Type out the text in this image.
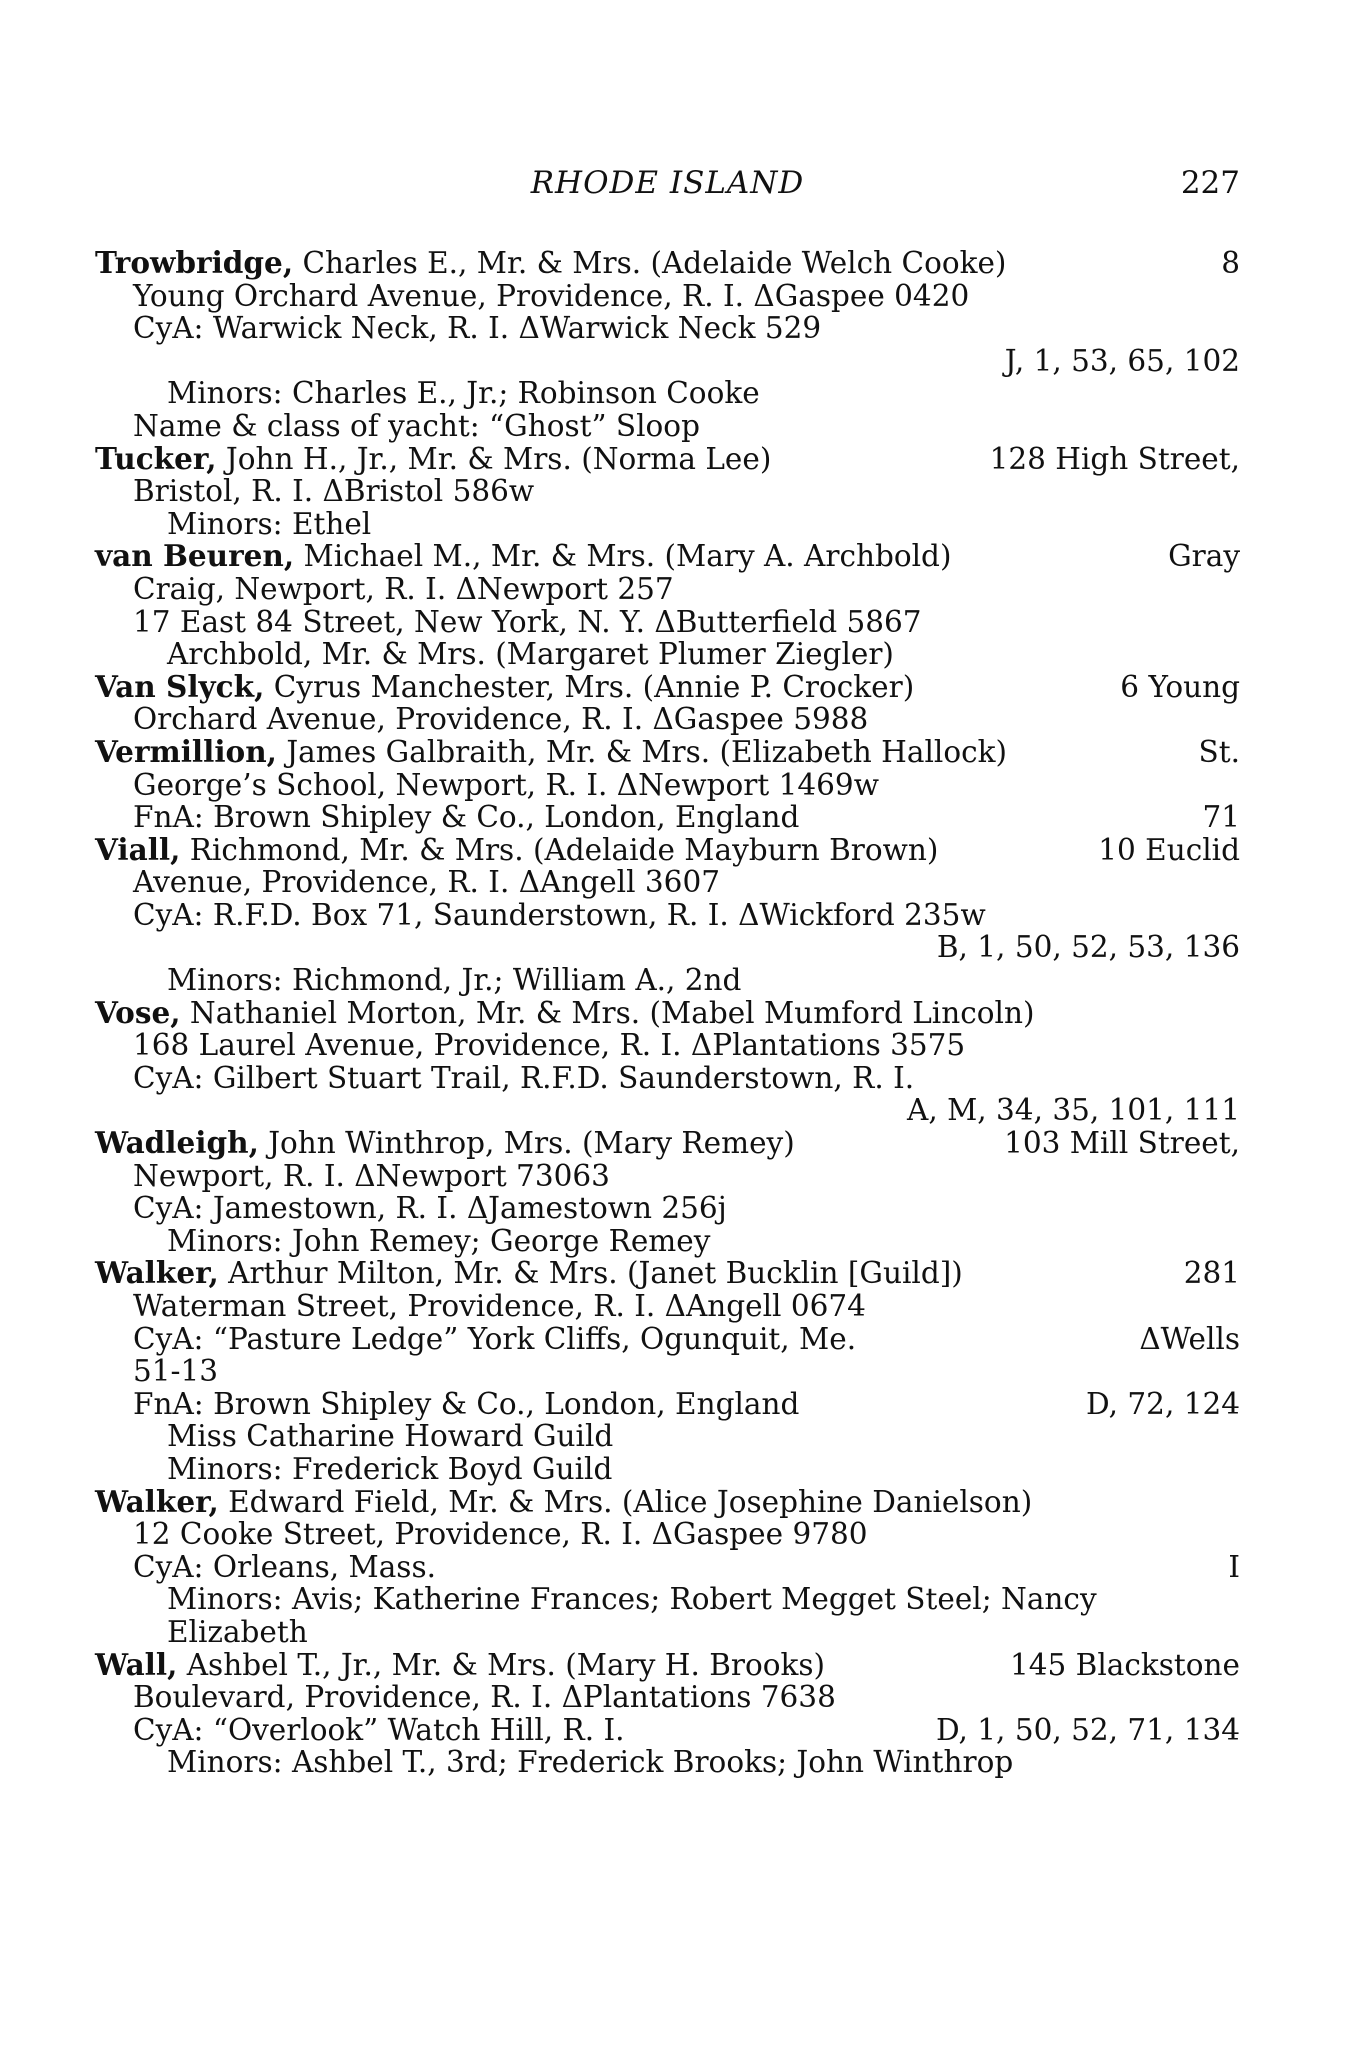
RHODE ISLAND	227
Trowbridge, Charles E., Mr. & Mrs. (Adelaide Welch Cooke)	8
Young Orchard Avenue, Providence, R. I. ΔGaspee 0420
CyA: Warwick Neck, R. I. ΔWarwick Neck 529
J, 1, 53, 65, 102
Minors: Charles E., Jr.; Robinson Cooke
Name & class of yacht: “Ghost” Sloop
Tucker, John H., Jr., Mr. & Mrs. (Norma Lee)	128 High Street,
Bristol, R. I. ΔBristol 586w
Minors: Ethel
van Beuren, Michael M., Mr. & Mrs. (Mary A. Archbold)	Gray
Craig, Newport, R. I. ΔNewport 257
17 East 84 Street, New York, N. Y. ΔButterfield 5867
Archbold, Mr. & Mrs. (Margaret Plumer Ziegler)
Van Slyck, Cyrus Manchester, Mrs. (Annie P. Crocker)	6 Young
Orchard Avenue, Providence, R. I. ΔGaspee 5988
Vermillion, James Galbraith, Mr. & Mrs. (Elizabeth Hallock)	St.
George’s School, Newport, R. I. ΔNewport 1469w
FnA: Brown Shipley & Co., London, England	71
Viall, Richmond, Mr. & Mrs. (Adelaide Mayburn Brown)	10 Euclid
Avenue, Providence, R. I. ΔAngell 3607
CyA: R.F.D. Box 71, Saunderstown, R. I. ΔWickford 235w
B, 1, 50, 52, 53, 136
Minors: Richmond, Jr.; William A., 2nd
Vose, Nathaniel Morton, Mr. & Mrs. (Mabel Mumford Lincoln)
168 Laurel Avenue, Providence, R. I. ΔPlantations 3575
CyA: Gilbert Stuart Trail, R.F.D. Saunderstown, R. I.
A, M, 34, 35, 101, 111
Wadleigh, John Winthrop, Mrs. (Mary Remey)	103 Mill Street,
Newport, R. I. ΔNewport 73063
CyA: Jamestown, R. I. ΔJamestown 256j
Minors: John Remey; George Remey
Walker, Arthur Milton, Mr. & Mrs. (Janet Bucklin [Guild])	281
Waterman Street, Providence, R. I. ΔAngell 0674
CyA: “Pasture Ledge” York Cliffs, Ogunquit, Me.	ΔWells
51-13
FnA: Brown Shipley & Co., London, England	D, 72, 124
Miss Catharine Howard Guild
Minors: Frederick Boyd Guild
Walker, Edward Field, Mr. & Mrs. (Alice Josephine Danielson)
12 Cooke Street, Providence, R. I. ΔGaspee 9780
CyA: Orleans, Mass.	I
Minors: Avis; Katherine Frances; Robert Megget Steel; Nancy
Elizabeth
Wall, Ashbel T., Jr., Mr. & Mrs. (Mary H. Brooks)	145 Blackstone
Boulevard, Providence, R. I. ΔPlantations 7638
CyA: “Overlook” Watch Hill, R. I.	D, 1, 50, 52, 71, 134
Minors: Ashbel T., 3rd; Frederick Brooks; John Winthrop
